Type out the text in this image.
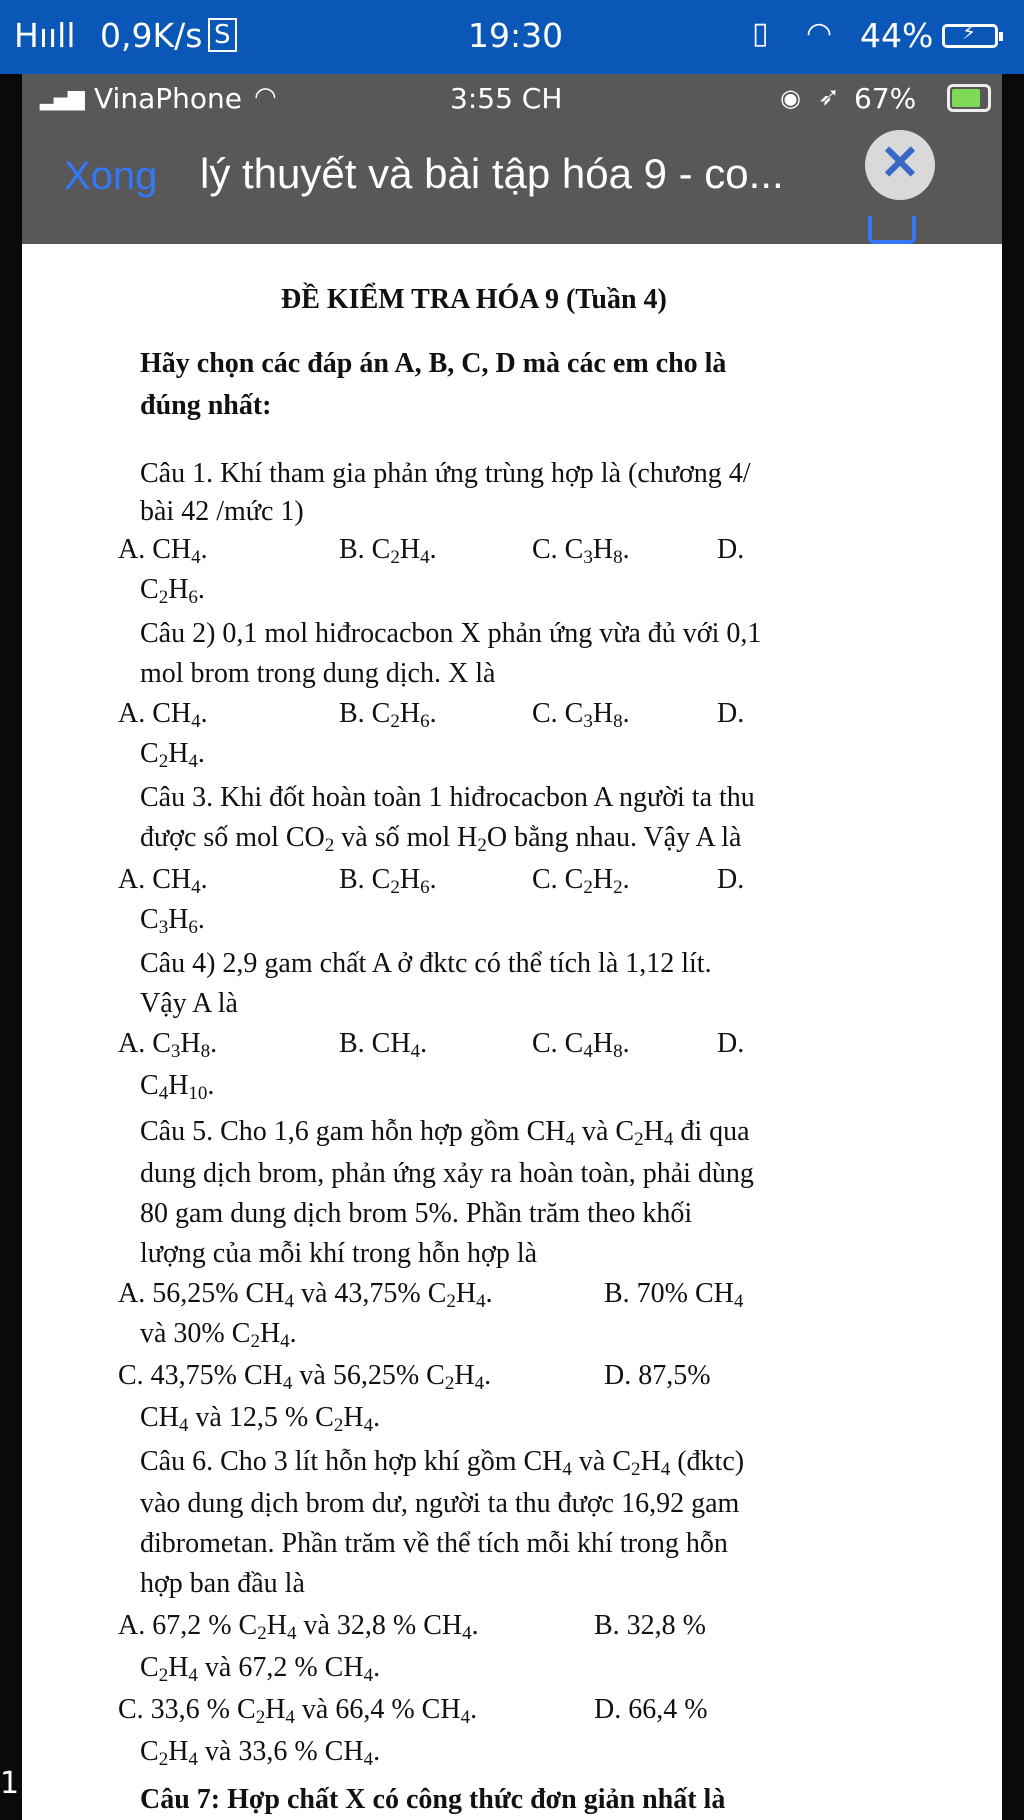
Hııll 0,9K/s S	19:30	▯ ◠ 44% ⚡
▂▄▆ VinaPhone ◠	3:55 CH	◉ ➶ 67%
Xong lý thuyết và bài tập hóa 9 - co...	✕
ĐỀ KIỂM TRA HÓA 9 (Tuần 4)
Hãy chọn các đáp án A, B, C, D mà các em cho là
đúng nhất:
Câu 1. Khí tham gia phản ứng trùng hợp là (chương 4/
bài 42 /mức 1)
A. $CH_4$.	B. $C_2H_4$.	C. $C_3H_8$.	D.
$C_2H_6$.
Câu 2) 0,1 mol hiđrocacbon X phản ứng vừa đủ với 0,1
mol brom trong dung dịch. X là
A. $CH_4$.	B. $C_2H_6$.	C. $C_3H_8$.	D.
$C_2H_4$.
Câu 3. Khi đốt hoàn toàn 1 hiđrocacbon A người ta thu
được số mol $CO_2$ và số mol $H_2O$ bằng nhau. Vậy A là
A. $CH_4$.	B. $C_2H_6$.	C. $C_2H_2$.	D.
$C_3H_6$.
Câu 4) 2,9 gam chất A ở đktc có thể tích là 1,12 lít.
Vậy A là
A. $C_3H_8$.	B. $CH_4$.	C. $C_4H_8$.	D.
$C_4H_{10}$.
Câu 5. Cho 1,6 gam hỗn hợp gồm $CH_4$ và $C_2H_4$ đi qua
dung dịch brom, phản ứng xảy ra hoàn toàn, phải dùng
80 gam dung dịch brom 5%. Phần trăm theo khối
lượng của mỗi khí trong hỗn hợp là
A. 56,25% $CH_4$ và 43,75% $C_2H_4$.	B. 70% $CH_4$
và 30% $C_2H_4$.
C. 43,75% $CH_4$ và 56,25% $C_2H_4$.	D. 87,5%
$CH_4$ và 12,5 % $C_2H_4$.
Câu 6. Cho 3 lít hỗn hợp khí gồm $CH_4$ và $C_2H_4$ (đktc)
vào dung dịch brom dư, người ta thu được 16,92 gam
đibrometan. Phần trăm về thể tích mỗi khí trong hỗn
hợp ban đầu là
A. 67,2 % $C_2H_4$ và 32,8 % $CH_4$.	B. 32,8 %
$C_2H_4$ và 67,2 % $CH_4$.
C. 33,6 % $C_2H_4$ và 66,4 % $CH_4$.	D. 66,4 %
$C_2H_4$ và 33,6 % $CH_4$.
Câu 7: Hợp chất X có công thức đơn giản nhất là
1
